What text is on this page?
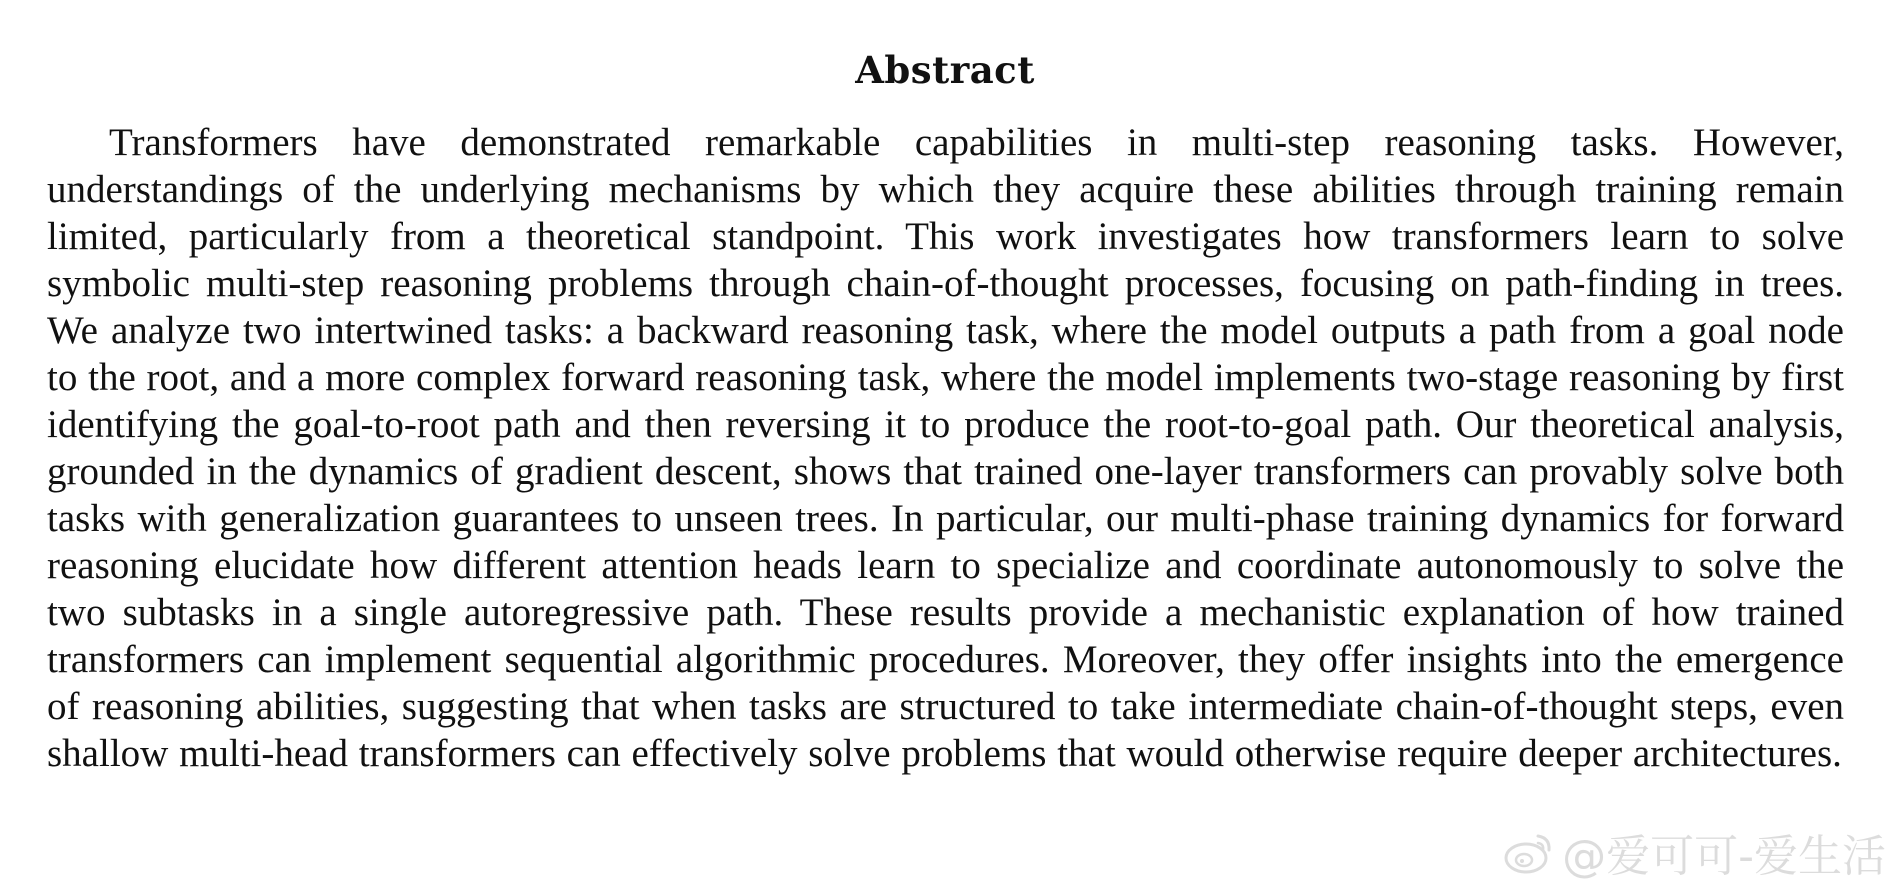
Abstract

Transformers have demonstrated remarkable capabilities in multi-step reasoning tasks. However, understandings of the underlying mechanisms by which they acquire these abilities through training remain limited, particularly from a theoretical standpoint. This work investigates how transformers learn to solve symbolic multi-step reasoning problems through chain-of-thought processes, focusing on path-finding in trees. We analyze two intertwined tasks: a backward reasoning task, where the model outputs a path from a goal node to the root, and a more complex forward reasoning task, where the model implements two-stage reasoning by first identifying the goal-to-root path and then reversing it to produce the root-to-goal path. Our theoretical analysis, grounded in the dynamics of gradient descent, shows that trained one-layer transformers can provably solve both tasks with generalization guarantees to unseen trees. In particular, our multi-phase training dynamics for forward reasoning elucidate how different attention heads learn to specialize and coordinate autonomously to solve the two subtasks in a single autoregressive path. These results provide a mechanistic explanation of how trained transformers can implement sequential algorithmic procedures. Moreover, they offer insights into the emergence of reasoning abilities, suggesting that when tasks are structured to take intermediate chain-of-thought steps, even shallow multi-head transformers can effectively solve problems that would otherwise require deeper architectures.

@爱可可-爱生活
